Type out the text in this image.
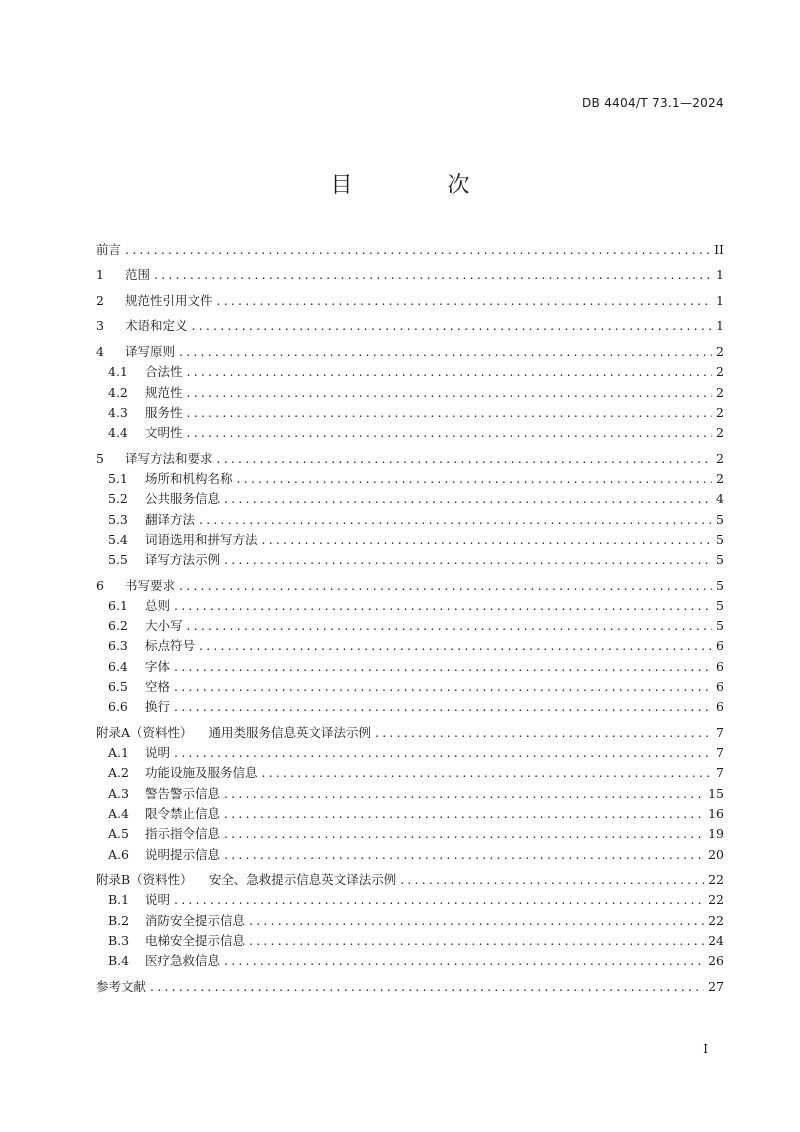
DB 4404/T 73.1—2024
目 次
前言 .....	II
1	范围 .....	1
2	规范性引用文件 .....	1
3	术语和定义 .....	1
4	译写原则 .....	2
4.1	合法性 .....	2
4.2	规范性 .....	2
4.3	服务性 .....	2
4.4	文明性 .....	2
5	译写方法和要求 .....	2
5.1	场所和机构名称 .....	2
5.2	公共服务信息 .....	4
5.3	翻译方法 .....	5
5.4	词语选用和拼写方法 .....	5
5.5	译写方法示例 .....	5
6	书写要求 .....	5
6.1	总则 .....	5
6.2	大小写 .....	5
6.3	标点符号 .....	6
6.4	字体 .....	6
6.5	空格 .....	6
6.6	换行 .....	6
附录A（资料性） 通用类服务信息英文译法示例 .....	7
A.1	说明 .....	7
A.2	功能设施及服务信息 .....	7
A.3	警告警示信息 .....	15
A.4	限令禁止信息 .....	16
A.5	指示指令信息 .....	19
A.6	说明提示信息 .....	20
附录B（资料性） 安全、急救提示信息英文译法示例 .....	22
B.1	说明 .....	22
B.2	消防安全提示信息 .....	22
B.3	电梯安全提示信息 .....	24
B.4	医疗急救信息 .....	26
参考文献 .....	27
I
